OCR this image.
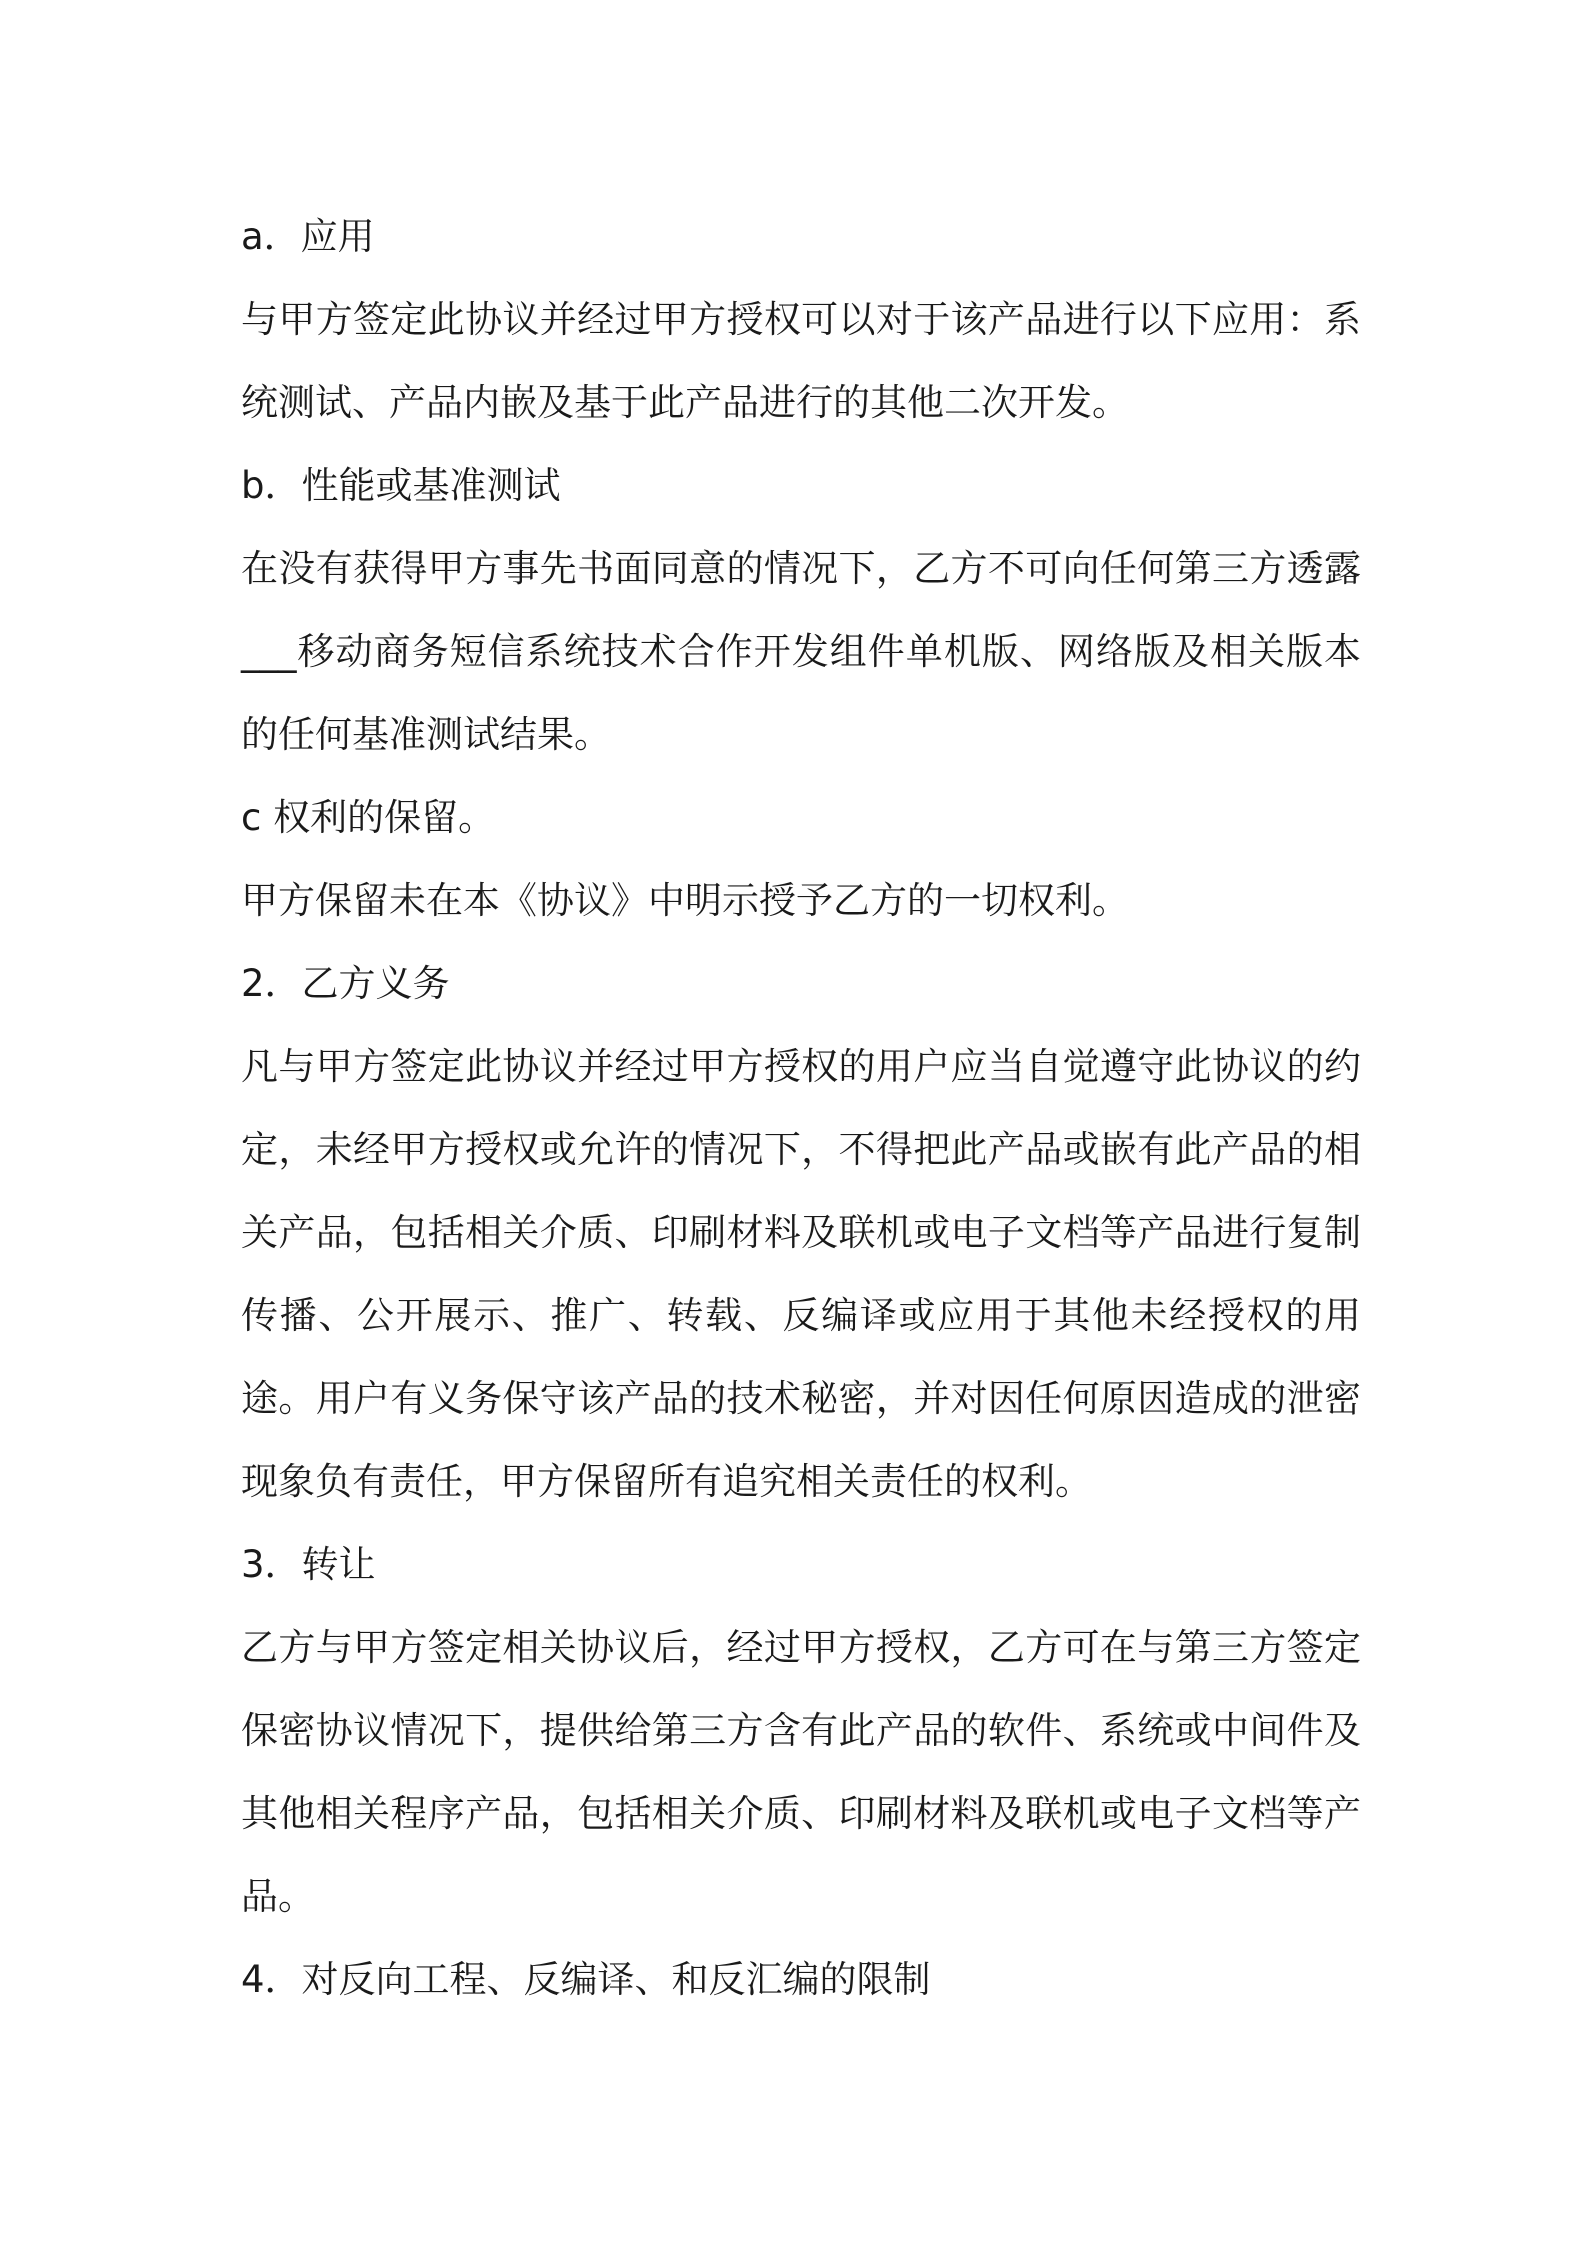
a．应用

与甲方签定此协议并经过甲方授权可以对于该产品进行以下应用：系统测试、产品内嵌及基于此产品进行的其他二次开发。

b．性能或基准测试

在没有获得甲方事先书面同意的情况下，乙方不可向任何第三方透露___移动商务短信系统技术合作开发组件单机版、网络版及相关版本的任何基准测试结果。

c 权利的保留。

甲方保留未在本《协议》中明示授予乙方的一切权利。

2．乙方义务

凡与甲方签定此协议并经过甲方授权的用户应当自觉遵守此协议的约定，未经甲方授权或允许的情况下，不得把此产品或嵌有此产品的相关产品，包括相关介质、印刷材料及联机或电子文档等产品进行复制传播、公开展示、推广、转载、反编译或应用于其他未经授权的用途。用户有义务保守该产品的技术秘密，并对因任何原因造成的泄密现象负有责任，甲方保留所有追究相关责任的权利。

3．转让

乙方与甲方签定相关协议后，经过甲方授权，乙方可在与第三方签定保密协议情况下，提供给第三方含有此产品的软件、系统或中间件及其他相关程序产品，包括相关介质、印刷材料及联机或电子文档等产品。

4．对反向工程、反编译、和反汇编的限制
